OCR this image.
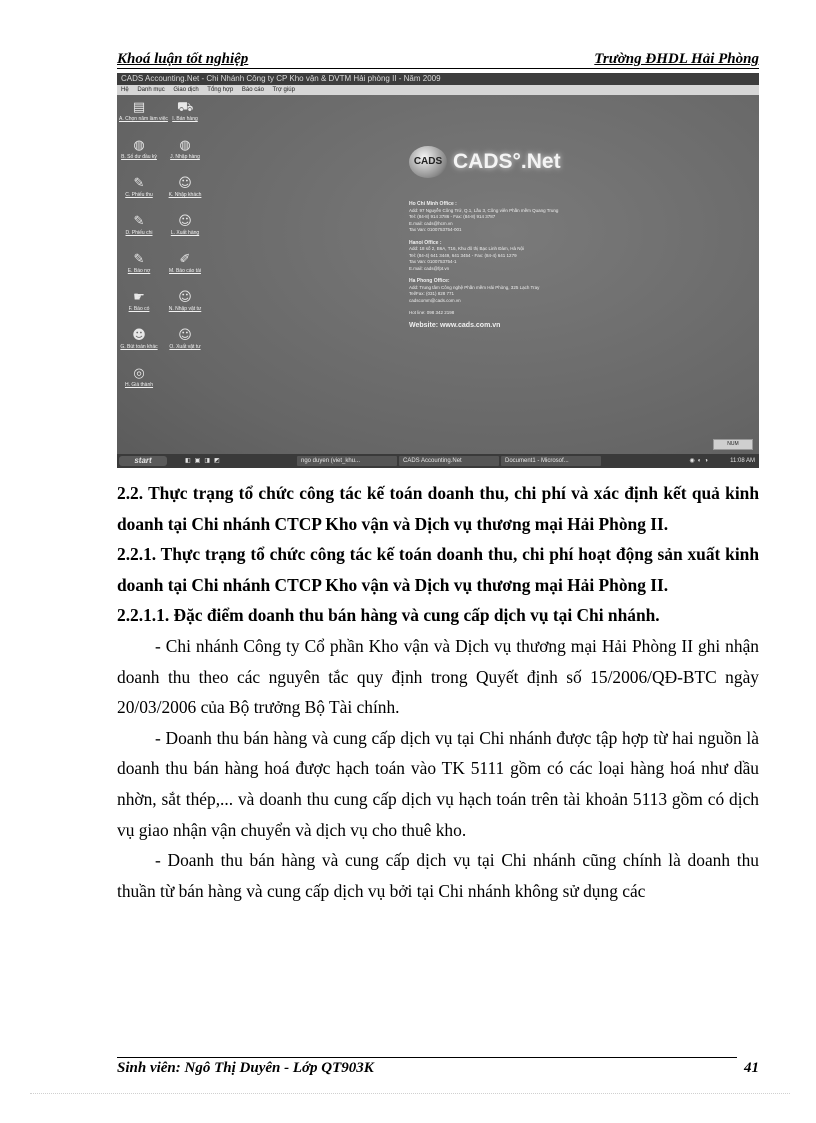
Khoá luận tốt nghiệp	Trường ĐHDL Hải Phòng
CADS Accounting.Net - Chi Nhánh Công ty CP Kho vận & DVTM Hải phòng II - Năm 2009
Hệ Danh mục Giao dịch Tổng hợp Báo cáo Trợ giúp
▤
A. Chọn năm làm việc
⛟
I. Bán hàng
◍
B. Số dư đầu kỳ
◍
J. Nhập hàng
✎
C. Phiếu thu
☺
K. Nhập khách
✎
D. Phiếu chi
☺
L. Xuất hàng
✎
E. Báo nợ
✐
M. Báo cáo tài
☛
F. Báo có
☺
N. Nhập vật tư
☻
G. Bút toán khác
☺
O. Xuất vật tư
◎
H. Giá thành
CADS CADS°.Net
Ho Chi Minh Office :
Add: 97 Nguyễn Công Trứ, Q.1, Lầu 3, Công viên Phần mềm Quang Trung
Tel: (84-8) 914 3786 - Fax: (84-8) 914 3787
E.mail: cads@hcm.vn
Tax Van: 0100753754-001
Hanoi Office :
Add: 18 số 2, B6A, T16, Khu đô thị Bạc Linh Đàm, Hà Nội
Tel: (84-4) 641 3449, 641 3454 - Fax: (84-4) 641 1279
Tax Van: 0100753754-1
E.mail: cads@fpt.vn
Ha Phong Office:
Add: Trung tâm Công nghệ Phần mềm Hải Phòng, 325 Lạch Tray
Tel/Fax: (031) 828 771
cadscomm@cads.com.vn
Hot line: 098 342 2198
Website: www.cads.com.vn
NUM
start	◧▣◨◩	ngo duyen (viet_khu...	CADS Accounting.Net	Document1 - Microsof...	◉◐◑	11:08 AM

2.2. Thực trạng tổ chức công tác kế toán doanh thu, chi phí và xác định kết quả kinh doanh tại Chi nhánh CTCP Kho vận và Dịch vụ thương mại Hải Phòng II.

2.2.1. Thực trạng tổ chức công tác kế toán doanh thu, chi phí hoạt động sản xuất kinh doanh tại Chi nhánh CTCP Kho vận và Dịch vụ thương mại Hải Phòng II.

2.2.1.1. Đặc điểm doanh thu bán hàng và cung cấp dịch vụ tại Chi nhánh.

- Chi nhánh Công ty Cổ phần Kho vận và Dịch vụ thương mại Hải Phòng II ghi nhận doanh thu theo các nguyên tắc quy định trong Quyết định số 15/2006/QĐ-BTC ngày 20/03/2006 của Bộ trưởng Bộ Tài chính.

- Doanh thu bán hàng và cung cấp dịch vụ tại Chi nhánh được tập hợp từ hai nguồn là doanh thu bán hàng hoá được hạch toán vào TK 5111 gồm có các loại hàng hoá như dầu nhờn, sắt thép,... và doanh thu cung cấp dịch vụ hạch toán trên tài khoản 5113 gồm có dịch vụ giao nhận vận chuyển và dịch vụ cho thuê kho.

- Doanh thu bán hàng và cung cấp dịch vụ tại Chi nhánh cũng chính là doanh thu thuần từ bán hàng và cung cấp dịch vụ bởi tại Chi nhánh không sử dụng các

Sinh viên: Ngô Thị Duyên - Lớp QT903K	41
